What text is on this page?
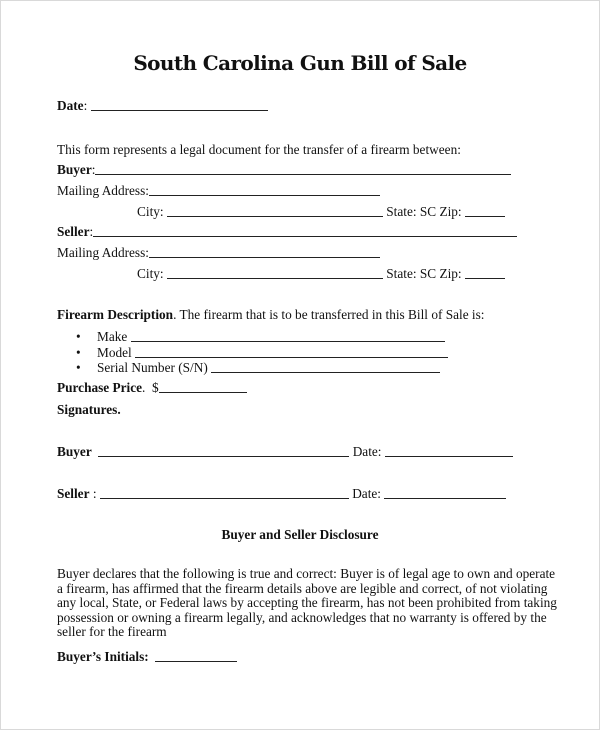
South Carolina Gun Bill of Sale
Date:
This form represents a legal document for the transfer of a firearm between:
Buyer:
Mailing Address:
City:	State: SC Zip:
Seller:
Mailing Address:
City:	State: SC Zip:
Firearm Description. The firearm that is to be transferred in this Bill of Sale is:
• Make
• Model
• Serial Number (S/N)
Purchase Price. $
Signatures.
Buyer	Date:
Seller :	Date:
Buyer and Seller Disclosure
Buyer declares that the following is true and correct: Buyer is of legal age to own and operate a firearm, has affirmed that the firearm details above are legible and correct, of not violating any local, State, or Federal laws by accepting the firearm, has not been prohibited from taking possession or owning a firearm legally, and acknowledges that no warranty is offered by the seller for the firearm
Buyer’s Initials:
